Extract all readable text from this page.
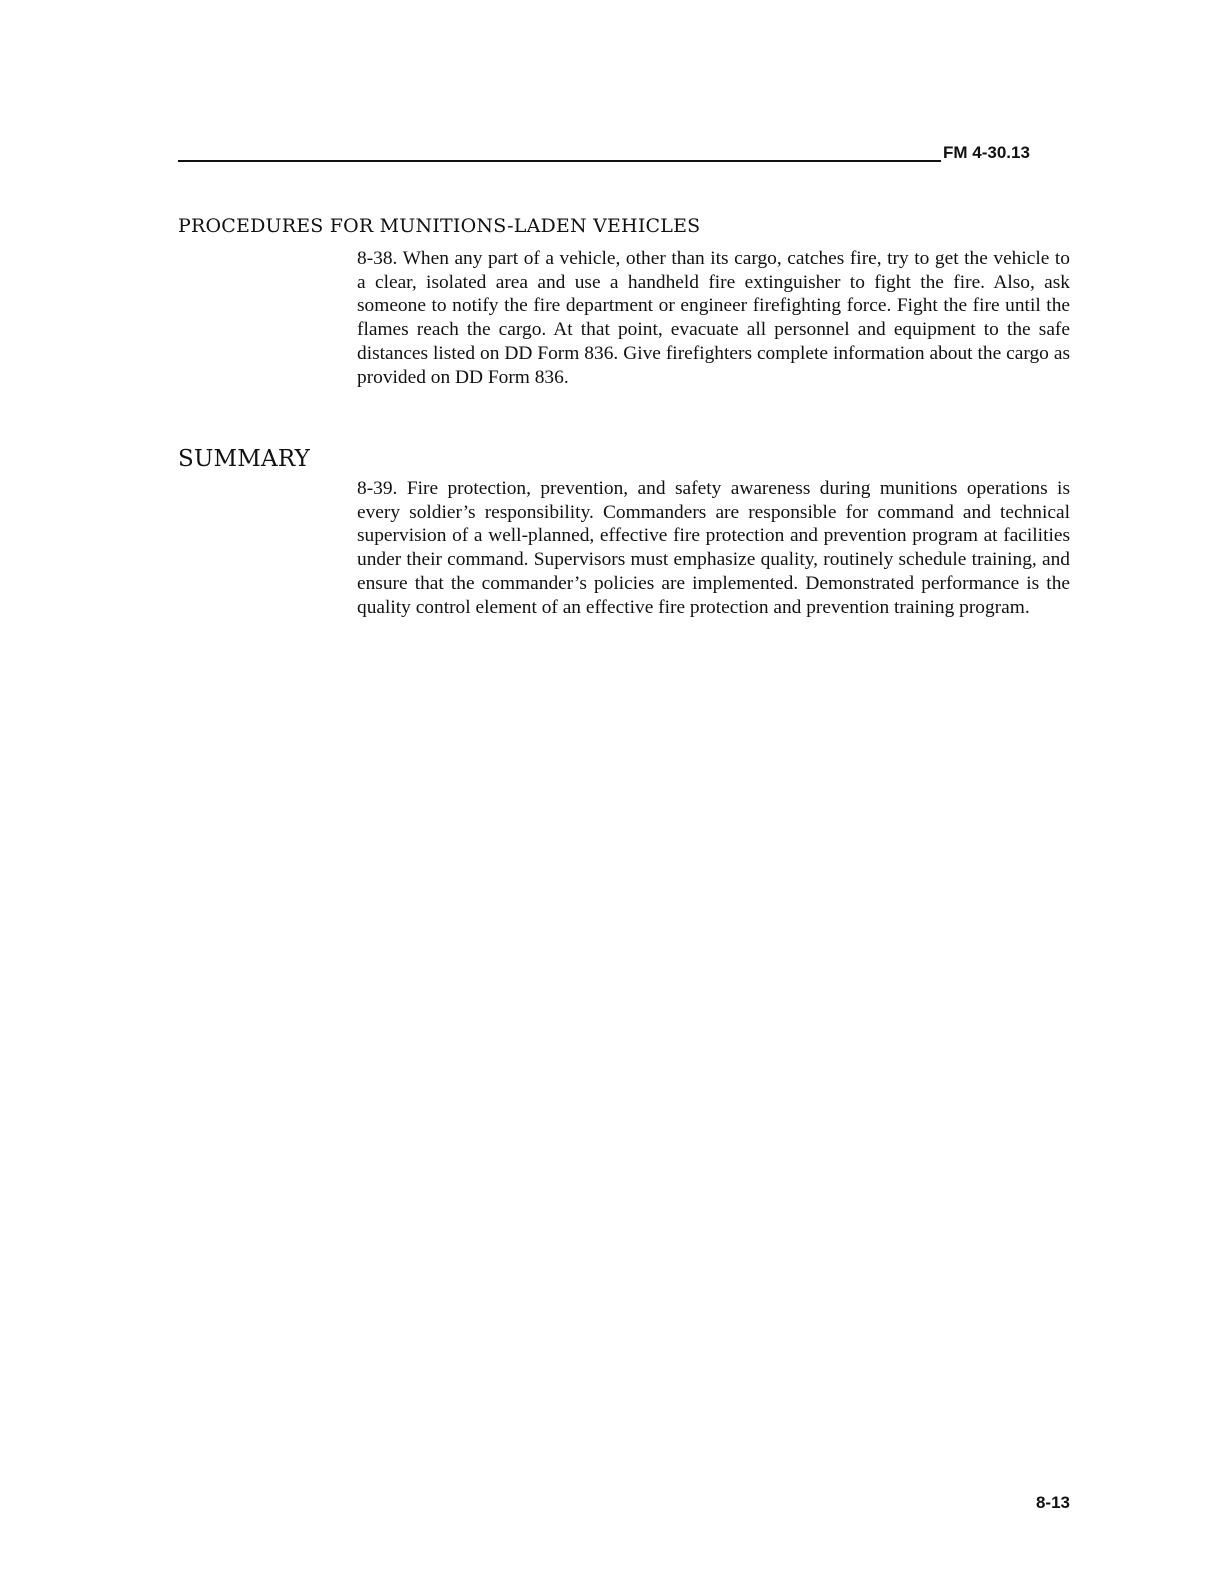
FM 4-30.13
PROCEDURES FOR MUNITIONS-LADEN VEHICLES

8-38. When any part of a vehicle, other than its cargo, catches fire, try to get the vehicle to a clear, isolated area and use a handheld fire extinguisher to fight the fire. Also, ask someone to notify the fire department or engineer firefighting force. Fight the fire until the flames reach the cargo. At that point, evacuate all personnel and equipment to the safe distances listed on DD Form 836. Give firefighters complete information about the cargo as provided on DD Form 836.

SUMMARY

8-39. Fire protection, prevention, and safety awareness during munitions operations is every soldier’s responsibility. Commanders are responsible for command and technical supervision of a well-planned, effective fire protection and prevention program at facilities under their command. Supervisors must emphasize quality, routinely schedule training, and ensure that the commander’s policies are implemented. Demonstrated performance is the quality control element of an effective fire protection and prevention training program.

8-13
